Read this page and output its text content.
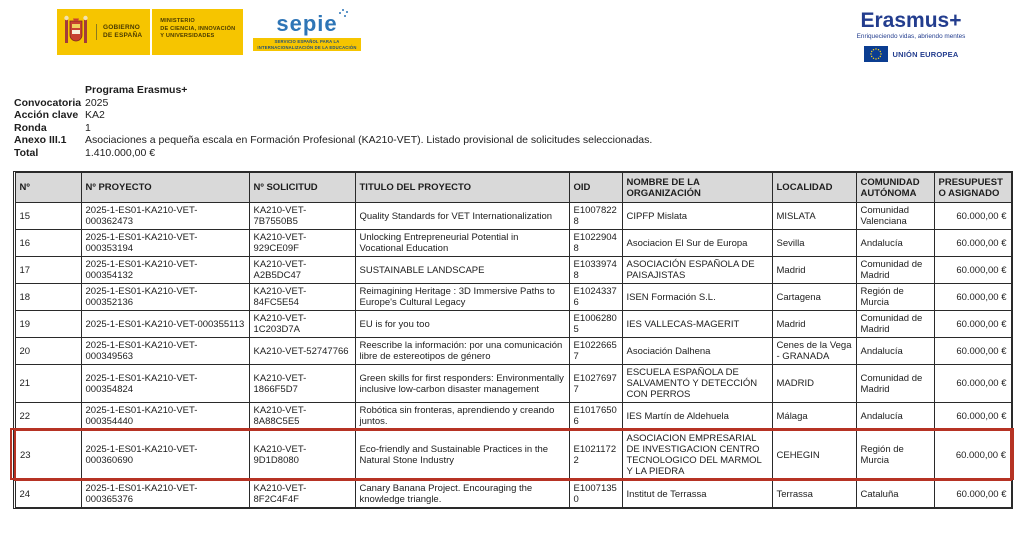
GOBIERNO
DE ESPAÑA
MINISTERIO
DE CIENCIA, INNOVACIÓN
Y UNIVERSIDADES
sepie
SERVICIO ESPAÑOL PARA LA
INTERNACIONALIZACIÓN DE LA EDUCACIÓN
Erasmus+
Enriqueciendo vidas, abriendo mentes
UNIÓN EUROPEA
Programa Erasmus+
Convocatoria 2025
Acción clave KA2
Ronda	1
Anexo III.1	Asociaciones a pequeña escala en Formación Profesional (KA210-VET). Listado provisional de solicitudes seleccionadas.
Total	1.410.000,00 €
Nº	Nº PROYECTO	Nº SOLICITUD	TITULO DEL PROYECTO	OID	NOMBRE DE LA ORGANIZACIÓN	LOCALIDAD	COMUNIDAD AUTÓNOMA	PRESUPUESTO ASIGNADO
15	2025-1-ES01-KA210-VET-000362473	KA210-VET-7B7550B5	Quality Standards for VET Internationalization	E10078228	CIPFP Mislata	MISLATA	Comunidad Valenciana	60.000,00 €
16	2025-1-ES01-KA210-VET-000353194	KA210-VET-929CE09F	Unlocking Entrepreneurial Potential in Vocational Education	E10229048	Asociacion El Sur de Europa	Sevilla	Andalucía	60.000,00 €
17	2025-1-ES01-KA210-VET-000354132	KA210-VET-A2B5DC47	SUSTAINABLE LANDSCAPE	E10339748	ASOCIACIÓN ESPAÑOLA DE PAISAJISTAS	Madrid	Comunidad de Madrid	60.000,00 €
18	2025-1-ES01-KA210-VET-000352136	KA210-VET-84FC5E54	Reimagining Heritage : 3D Immersive Paths to Europe's Cultural Legacy	E10243376	ISEN Formación S.L.	Cartagena	Región de Murcia	60.000,00 €
19	2025-1-ES01-KA210-VET-000355113	KA210-VET-1C203D7A	EU is for you too	E10062805	IES VALLECAS-MAGERIT	Madrid	Comunidad de Madrid	60.000,00 €
20	2025-1-ES01-KA210-VET-000349563	KA210-VET-52747766	Reescribe la información: por una comunicación libre de estereotipos de género	E10226657	Asociación Dalhena	Cenes de la Vega - GRANADA	Andalucía	60.000,00 €
21	2025-1-ES01-KA210-VET-000354824	KA210-VET-1866F5D7	Green skills for first responders: Environmentally inclusive low-carbon disaster management	E10276977	ESCUELA ESPAÑOLA DE SALVAMENTO Y DETECCIÓN CON PERROS	MADRID	Comunidad de Madrid	60.000,00 €
22	2025-1-ES01-KA210-VET-000354440	KA210-VET-8A88C5E5	Robótica sin fronteras, aprendiendo y creando juntos.	E10176506	IES Martín de Aldehuela	Málaga	Andalucía	60.000,00 €
23	2025-1-ES01-KA210-VET-000360690	KA210-VET-9D1D8080	Eco-friendly and Sustainable Practices in the Natural Stone Industry	E10211722	ASOCIACION EMPRESARIAL DE INVESTIGACION CENTRO TECNOLOGICO DEL MARMOL Y LA PIEDRA	CEHEGIN	Región de Murcia	60.000,00 €
24	2025-1-ES01-KA210-VET-000365376	KA210-VET-8F2C4F4F	Canary Banana Project. Encouraging the knowledge triangle.	E10071350	Institut de Terrassa	Terrassa	Cataluña	60.000,00 €
